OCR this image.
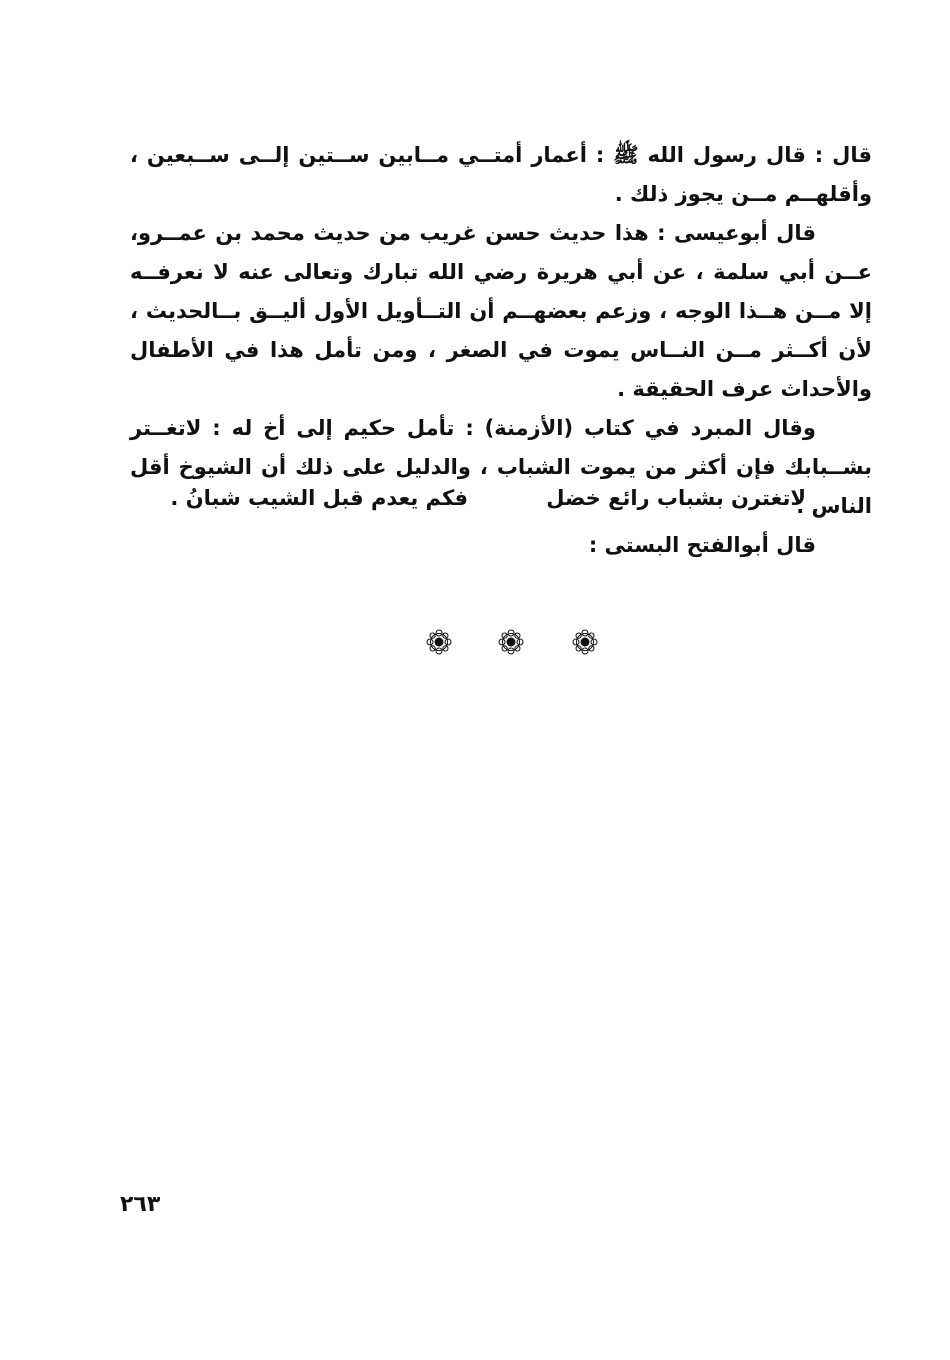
قال : قال رسول الله ﷺ : أعمار أمتــي مــابين ســتين إلــى ســبعين ، وأقلهــم مــن يجوز ذلك .

قال أبوعيسى : هذا حديث حسن غريب من حديث محمد بن عمــرو، عــن أبي سلمة ، عن أبي هريرة رضي الله تبارك وتعالى عنه لا نعرفــه إلا مــن هــذا الوجه ، وزعم بعضهــم أن التــأويل الأول أليــق بــالحديث ، لأن أكــثر مــن النــاس يموت في الصغر ، ومن تأمل هذا في الأطفال والأحداث عرف الحقيقة .

وقال المبرد في كتاب (الأزمنة) : تأمل حكيم إلى أخ له : لاتغــتر بشــبابك فإن أكثر من يموت الشباب ، والدليل على ذلك أن الشيوخ أقل الناس .

قال أبوالفتح البستى :

لاتغترن بشباب رائع خضل
فكم يعدم قبل الشيب شبانُ .
٢٦٣
